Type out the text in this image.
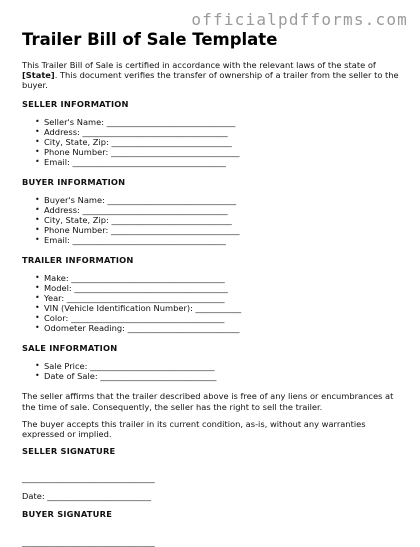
officialpdfforms.com
Trailer Bill of Sale Template

This Trailer Bill of Sale is certified in accordance with the relevant laws of the state of [State]. This document verifies the transfer of ownership of a trailer from the seller to the buyer.

SELLER INFORMATION
• Seller's Name: _______________________________
• Address: ___________________________________
• City, State, Zip: _____________________________
• Phone Number: _______________________________
• Email: _____________________________________
BUYER INFORMATION
• Buyer's Name: _______________________________
• Address: ___________________________________
• City, State, Zip: _____________________________
• Phone Number: _______________________________
• Email: _____________________________________
TRAILER INFORMATION
• Make: _____________________________________
• Model: _____________________________________
• Year: ______________________________________
• VIN (Vehicle Identification Number): ___________
• Color: _____________________________________
• Odometer Reading: ___________________________
SALE INFORMATION
• Sale Price: ______________________________
• Date of Sale: ____________________________

The seller affirms that the trailer described above is free of any liens or encumbrances at the time of sale. Consequently, the seller has the right to sell the trailer.

The buyer accepts this trailer in its current condition, as-is, without any warranties expressed or implied.

SELLER SIGNATURE

________________________________

Date: _________________________

BUYER SIGNATURE

________________________________
